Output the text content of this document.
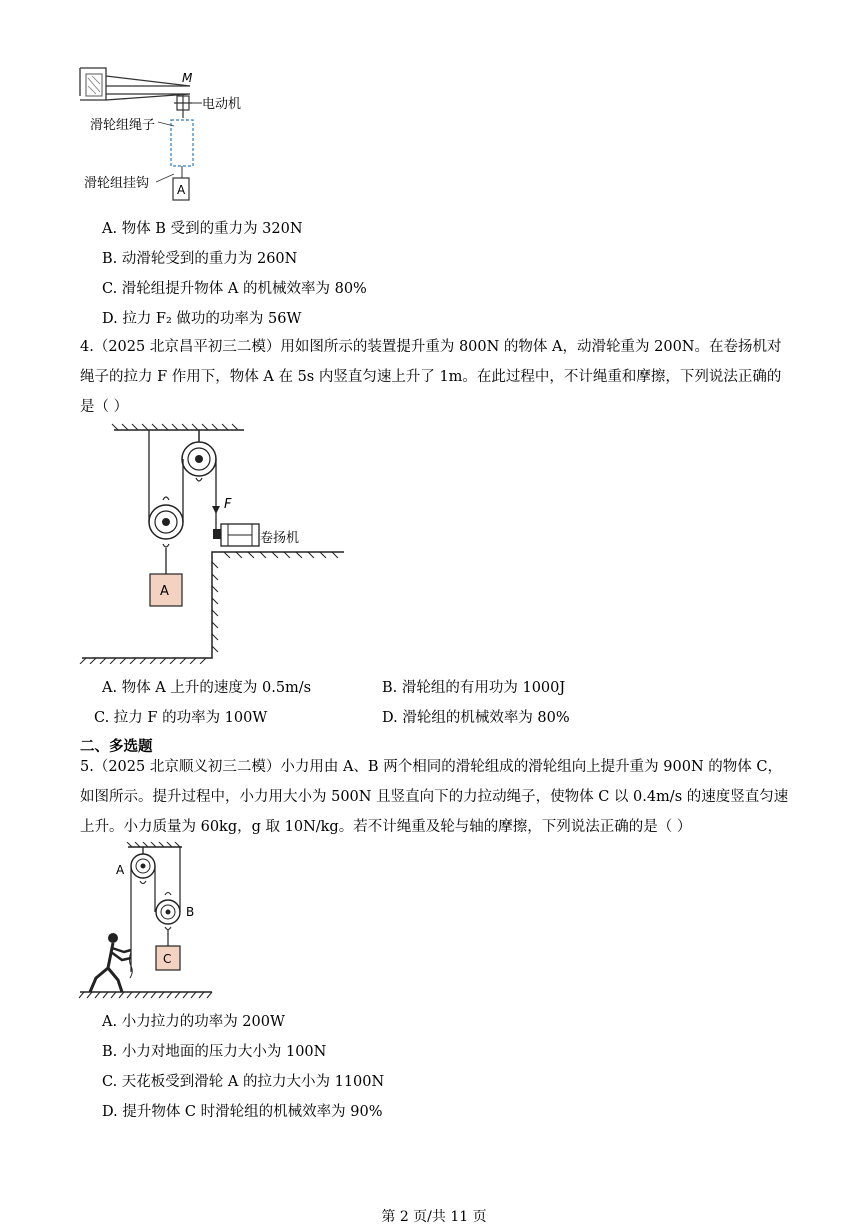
M
电动机
A
滑轮组绳子
滑轮组挂钩
A. 物体 B 受到的重力为 320N
B. 动滑轮受到的重力为 260N
C. 滑轮组提升物体 A 的机械效率为 80%
D. 拉力 F₂ 做功的功率为 56W
4.（2025 北京昌平初三二模）用如图所示的装置提升重为 800N 的物体 A，动滑轮重为 200N。在卷扬机对
绳子的拉力 F 作用下，物体 A 在 5s 内竖直匀速上升了 1m。在此过程中，不计绳重和摩擦，下列说法正确的
是（ ）
F
A
卷扬机
A. 物体 A 上升的速度为 0.5m/s	B. 滑轮组的有用功为 1000J
C. 拉力 F 的功率为 100W	D. 滑轮组的机械效率为 80%
二、多选题
5.（2025 北京顺义初三二模）小力用由 A、B 两个相同的滑轮组成的滑轮组向上提升重为 900N 的物体 C，
如图所示。提升过程中，小力用大小为 500N 且竖直向下的力拉动绳子，使物体 C 以 0.4m/s 的速度竖直匀速
上升。小力质量为 60kg，g 取 10N/kg。若不计绳重及轮与轴的摩擦，下列说法正确的是（ ）
A
B
C
A. 小力拉力的功率为 200W
B. 小力对地面的压力大小为 100N
C. 天花板受到滑轮 A 的拉力大小为 1100N
D. 提升物体 C 时滑轮组的机械效率为 90%
第 2 页/共 11 页
